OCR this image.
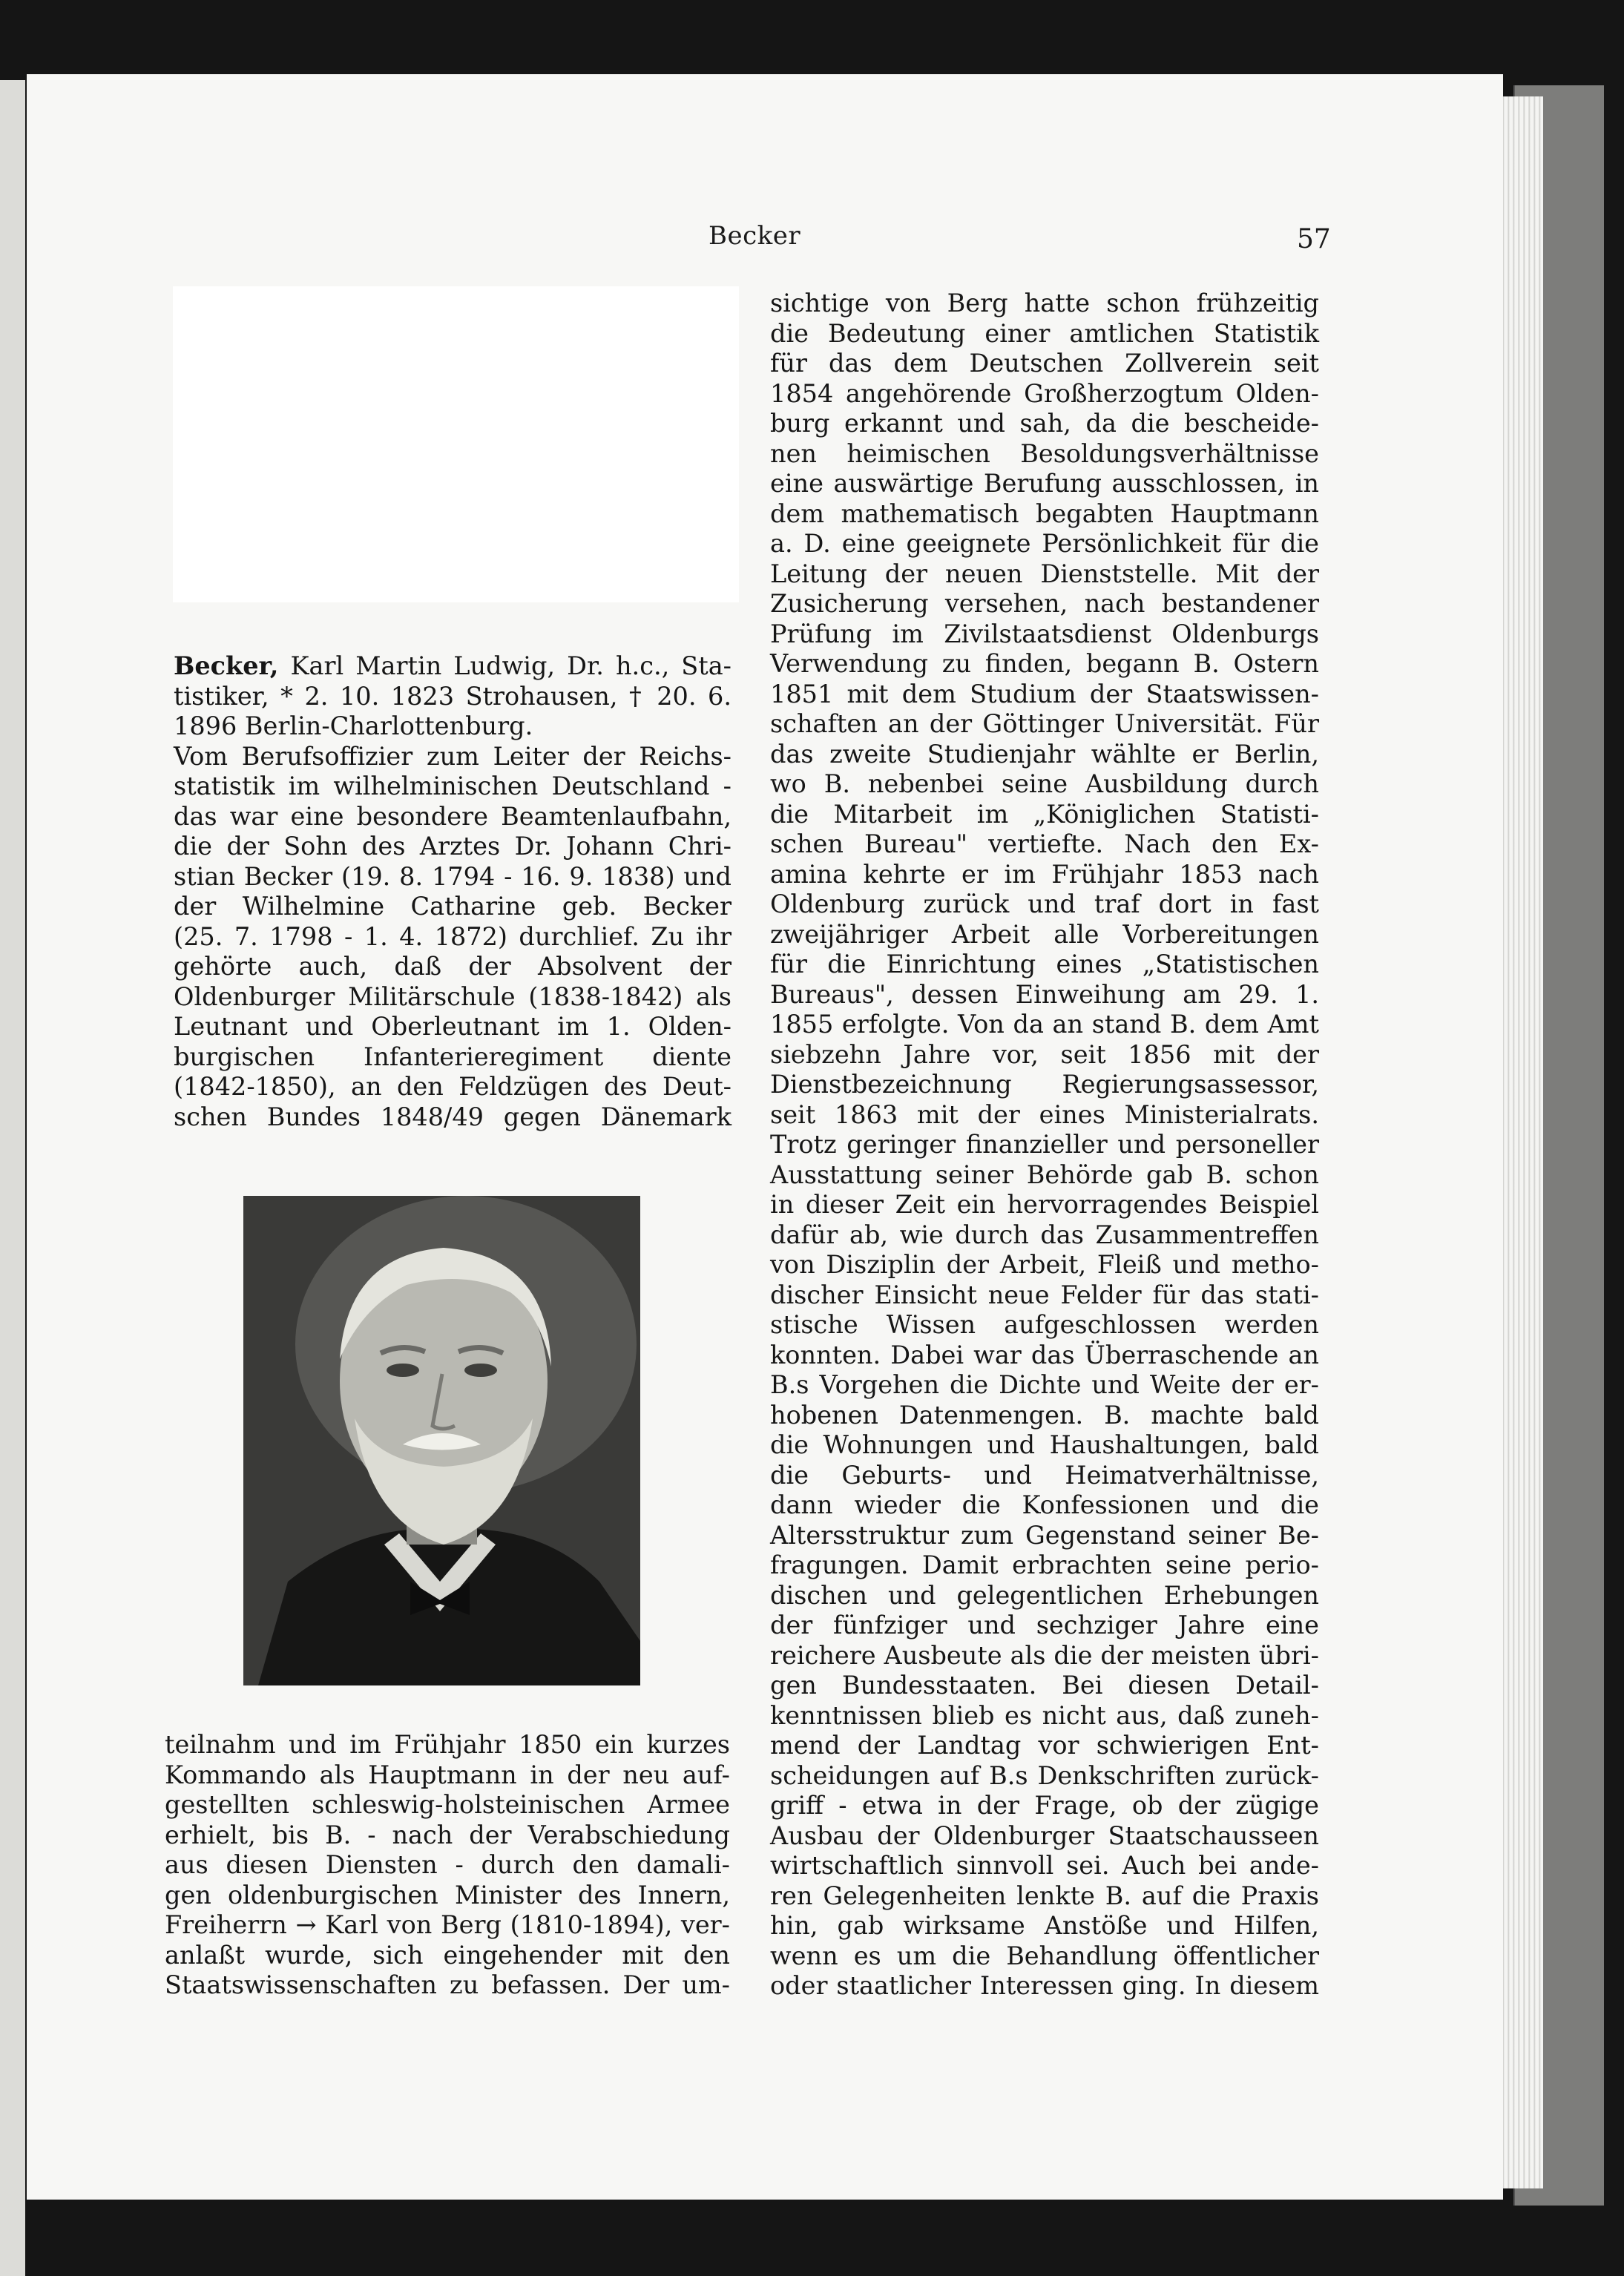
Becker	57
Becker, Karl Martin Ludwig, Dr. h.c., Sta-
tistiker, * 2. 10. 1823 Strohausen, † 20. 6.
1896 Berlin-Charlottenburg.
Vom Berufsoffizier zum Leiter der Reichs-
statistik im wilhelminischen Deutschland -
das war eine besondere Beamtenlaufbahn,
die der Sohn des Arztes Dr. Johann Chri-
stian Becker (19. 8. 1794 - 16. 9. 1838) und
der Wilhelmine Catharine geb. Becker
(25. 7. 1798 - 1. 4. 1872) durchlief. Zu ihr
gehörte auch, daß der Absolvent der
Oldenburger Militärschule (1838-1842) als
Leutnant und Oberleutnant im 1. Olden-
burgischen Infanterieregiment diente
(1842-1850), an den Feldzügen des Deut-
schen Bundes 1848/49 gegen Dänemark
teilnahm und im Frühjahr 1850 ein kurzes
Kommando als Hauptmann in der neu auf-
gestellten schleswig-holsteinischen Armee
erhielt, bis B. - nach der Verabschiedung
aus diesen Diensten - durch den damali-
gen oldenburgischen Minister des Innern,
Freiherrn → Karl von Berg (1810-1894), ver-
anlaßt wurde, sich eingehender mit den
Staatswissenschaften zu befassen. Der um-
sichtige von Berg hatte schon frühzeitig
die Bedeutung einer amtlichen Statistik
für das dem Deutschen Zollverein seit
1854 angehörende Großherzogtum Olden-
burg erkannt und sah, da die bescheide-
nen heimischen Besoldungsverhältnisse
eine auswärtige Berufung ausschlossen, in
dem mathematisch begabten Hauptmann
a. D. eine geeignete Persönlichkeit für die
Leitung der neuen Dienststelle. Mit der
Zusicherung versehen, nach bestandener
Prüfung im Zivilstaatsdienst Oldenburgs
Verwendung zu finden, begann B. Ostern
1851 mit dem Studium der Staatswissen-
schaften an der Göttinger Universität. Für
das zweite Studienjahr wählte er Berlin,
wo B. nebenbei seine Ausbildung durch
die Mitarbeit im „Königlichen Statisti-
schen Bureau" vertiefte. Nach den Ex-
amina kehrte er im Frühjahr 1853 nach
Oldenburg zurück und traf dort in fast
zweijähriger Arbeit alle Vorbereitungen
für die Einrichtung eines „Statistischen
Bureaus", dessen Einweihung am 29. 1.
1855 erfolgte. Von da an stand B. dem Amt
siebzehn Jahre vor, seit 1856 mit der
Dienstbezeichnung Regierungsassessor,
seit 1863 mit der eines Ministerialrats.
Trotz geringer finanzieller und personeller
Ausstattung seiner Behörde gab B. schon
in dieser Zeit ein hervorragendes Beispiel
dafür ab, wie durch das Zusammentreffen
von Disziplin der Arbeit, Fleiß und metho-
discher Einsicht neue Felder für das stati-
stische Wissen aufgeschlossen werden
konnten. Dabei war das Überraschende an
B.s Vorgehen die Dichte und Weite der er-
hobenen Datenmengen. B. machte bald
die Wohnungen und Haushaltungen, bald
die Geburts- und Heimatverhältnisse,
dann wieder die Konfessionen und die
Altersstruktur zum Gegenstand seiner Be-
fragungen. Damit erbrachten seine perio-
dischen und gelegentlichen Erhebungen
der fünfziger und sechziger Jahre eine
reichere Ausbeute als die der meisten übri-
gen Bundesstaaten. Bei diesen Detail-
kenntnissen blieb es nicht aus, daß zuneh-
mend der Landtag vor schwierigen Ent-
scheidungen auf B.s Denkschriften zurück-
griff - etwa in der Frage, ob der zügige
Ausbau der Oldenburger Staatschausseen
wirtschaftlich sinnvoll sei. Auch bei ande-
ren Gelegenheiten lenkte B. auf die Praxis
hin, gab wirksame Anstöße und Hilfen,
wenn es um die Behandlung öffentlicher
oder staatlicher Interessen ging. In diesem
